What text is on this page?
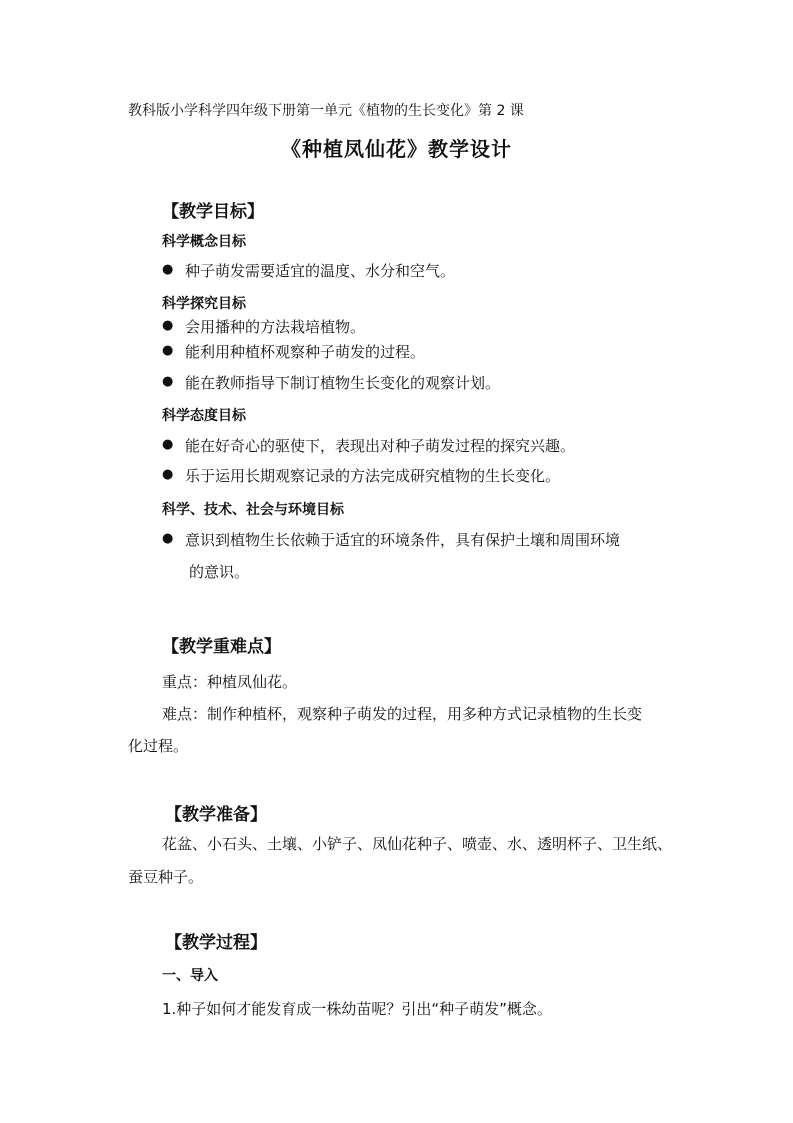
教科版小学科学四年级下册第一单元《植物的生长变化》第 2 课
《种植凤仙花》教学设计
【教学目标】
科学概念目标
● 种子萌发需要适宜的温度、水分和空气。
科学探究目标
● 会用播种的方法栽培植物。
● 能利用种植杯观察种子萌发的过程。
● 能在教师指导下制订植物生长变化的观察计划。
科学态度目标
● 能在好奇心的驱使下，表现出对种子萌发过程的探究兴趣。
● 乐于运用长期观察记录的方法完成研究植物的生长变化。
科学、技术、社会与环境目标
● 意识到植物生长依赖于适宜的环境条件，具有保护土壤和周围环境
的意识。
【教学重难点】
重点：种植凤仙花。
难点：制作种植杯，观察种子萌发的过程，用多种方式记录植物的生长变
化过程。
【教学准备】
花盆、小石头、土壤、小铲子、凤仙花种子、喷壶、水、透明杯子、卫生纸、
蚕豆种子。
【教学过程】
一、导入
1.种子如何才能发育成一株幼苗呢？引出“种子萌发”概念。
